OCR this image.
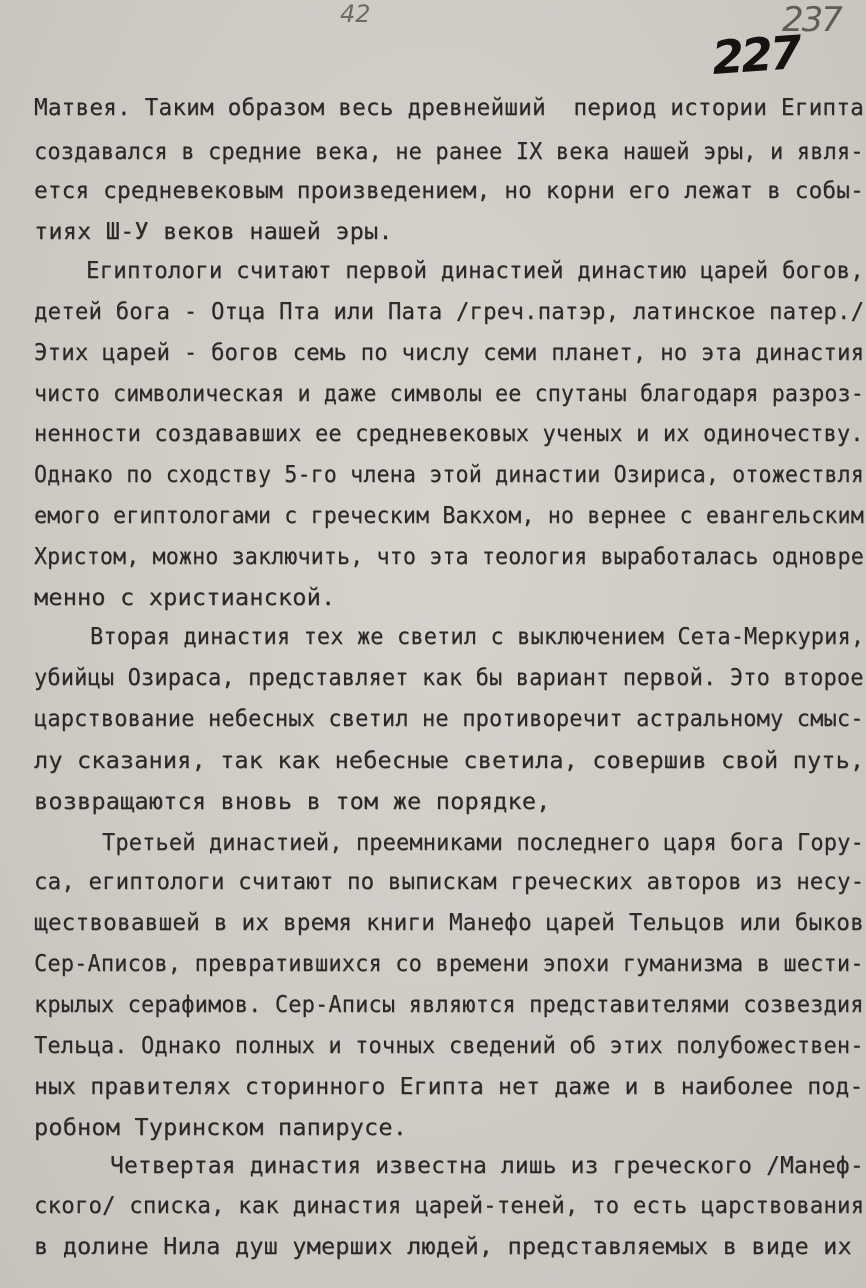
42	237
227
Матвея. Таким образом весь древнейший  период истории Египта
создавался в средние века, не ранее IX века нашей эры, и явля-
ется средневековым произведением, но корни его лежат в собы-
тиях Ш-У веков нашей эры.
Египтологи считают первой династией династию царей богов,
детей бога - Отца Пта или Пата /греч.патэр, латинское патер./
Этих царей - богов семь по числу семи планет, но эта династия
чисто символическая и даже символы ее спутаны благодаря разроз-
ненности создававших ее средневековых ученых и их одиночеству.
Однако по сходству 5-го члена этой династии Озириса, отожествля
емого египтологами с греческим Вакхом, но вернее с евангельским
Христом, можно заключить, что эта теология выработалась одновре
менно с христианской.
Вторая династия тех же светил с выключением Сета-Меркурия,
убийцы Озираса, представляет как бы вариант первой. Это второе
царствование небесных светил не противоречит астральному смыс-
лу сказания, так как небесные светила, совершив свой путь,
возвращаются вновь в том же порядке,
Третьей династией, преемниками последнего царя бога Гору-
са, египтологи считают по выпискам греческих авторов из несу-
ществовавшей в их время книги Манефо царей Тельцов или быков
Сер-Аписов, превратившихся со времени эпохи гуманизма в шести-
крылых серафимов. Сер-Аписы являются представителями созвездия
Тельца. Однако полных и точных сведений об этих полубожествен-
ных правителях сторинного Египта нет даже и в наиболее под-
робном Туринском папирусе.
Четвертая династия известна лишь из греческого /Манеф-
ского/ списка, как династия царей-теней, то есть царствования
в долине Нила душ умерших людей, представляемых в виде их
